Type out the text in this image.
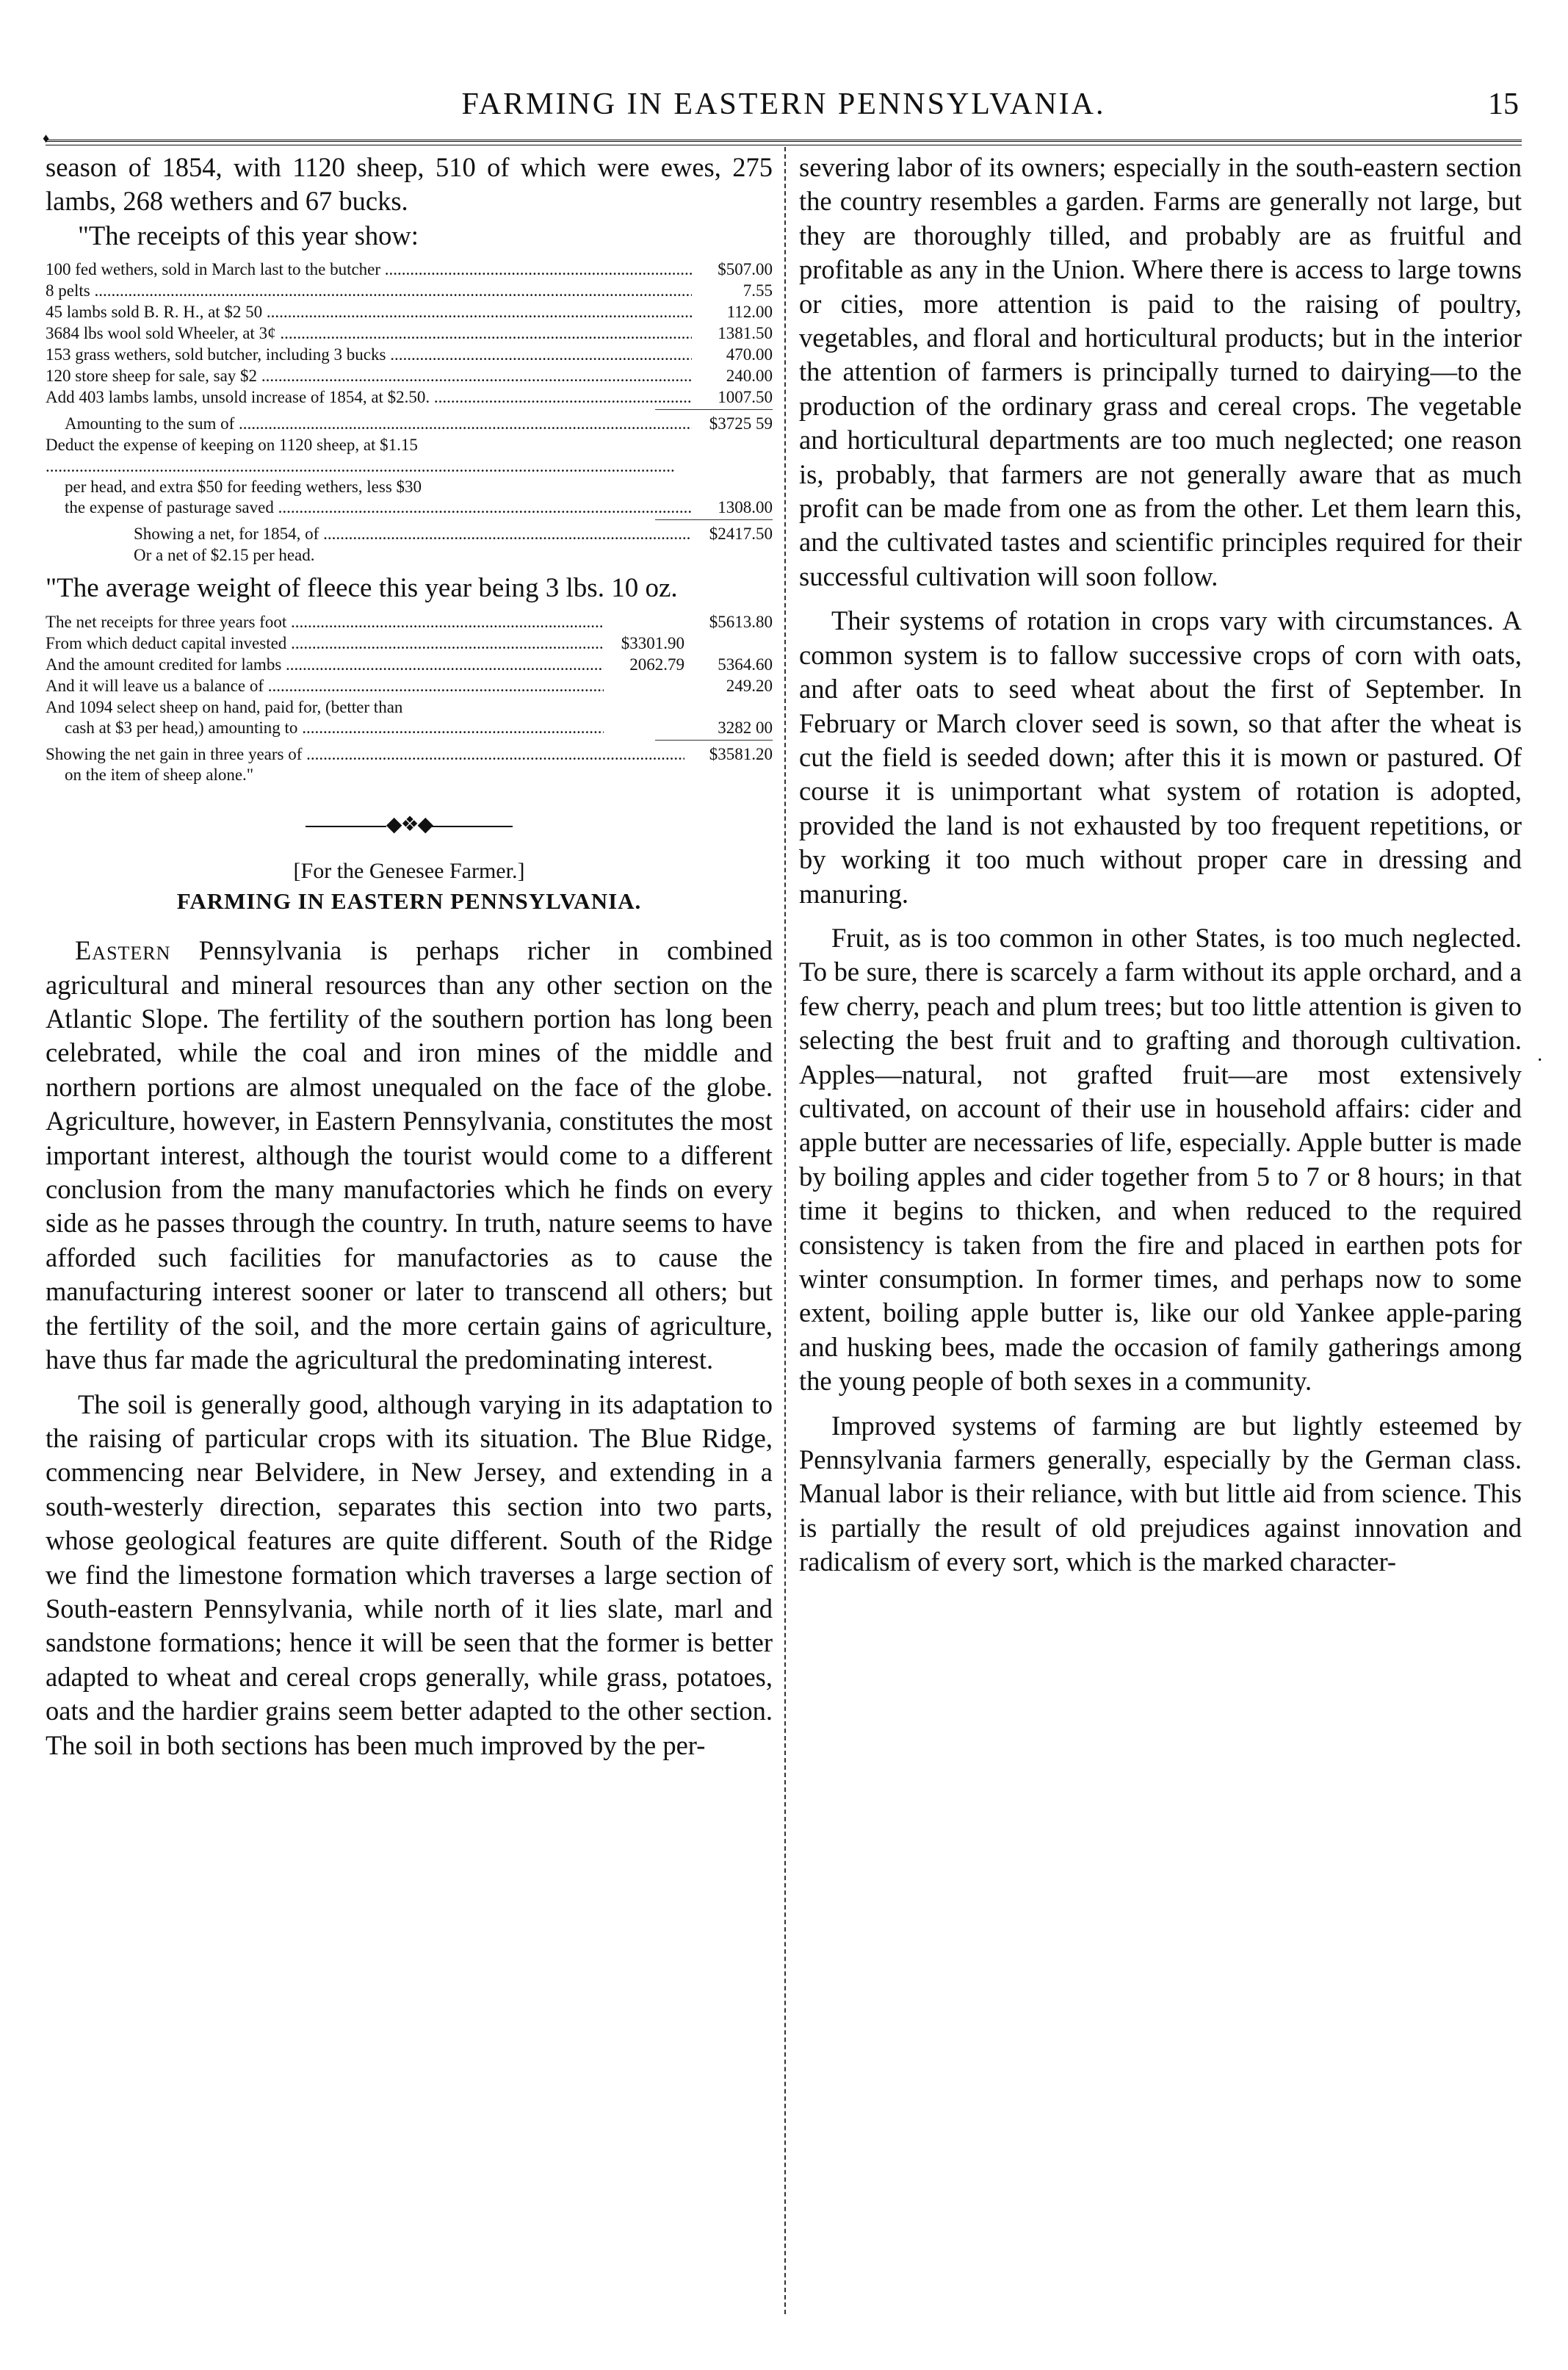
♦
FARMING IN EASTERN PENNSYLVANIA.	15

season of 1854, with 1120 sheep, 510 of which were ewes, 275 lambs, 268 wethers and 67 bucks.

"The receipts of this year show:

100 fed wethers, sold in March last to the butcher .....	$507.00
8 pelts .....	7.55
45 lambs sold B. R. H., at $2 50 .....	112.00
3684 lbs wool sold Wheeler, at 3¢ .....	1381.50
153 grass wethers, sold butcher, including 3 bucks .....	470.00
120 store sheep for sale, say $2 .....	240.00
Add 403 lambs lambs, unsold increase of 1854, at $2.50. .....	1007.50
Amounting to the sum of .....	$3725 59
Deduct the expense of keeping on 1120 sheep, at $1.15 .....
per head, and extra $50 for feeding wethers, less $30
the expense of pasturage saved .....	1308.00
Showing a net, for 1854, of .....	$2417.50
Or a net of $2.15 per head.

"The average weight of fleece this year being 3 lbs. 10 oz.

The net receipts for three years foot .....	$5613.80
From which deduct capital invested .....	$3301.90
And the amount credited for lambs .....	2062.79	5364.60
And it will leave us a balance of .....	249.20
And 1094 select sheep on hand, paid for, (better than
cash at $3 per head,) amounting to .....	3282 00
Showing the net gain in three years of .....	$3581.20
on the item of sheep alone."
◆❖◆

[For the Genesee Farmer.]

FARMING IN EASTERN PENNSYLVANIA.

Eastern Pennsylvania is perhaps richer in combined agricultural and mineral resources than any other section on the Atlantic Slope. The fertility of the southern portion has long been celebrated, while the coal and iron mines of the middle and northern portions are almost unequaled on the face of the globe. Agriculture, however, in Eastern Pennsylvania, constitutes the most important interest, although the tourist would come to a different conclusion from the many manufactories which he finds on every side as he passes through the country. In truth, nature seems to have afforded such facilities for manufactories as to cause the manufacturing interest sooner or later to transcend all others; but the fertility of the soil, and the more certain gains of agriculture, have thus far made the agricultural the predominating interest.

The soil is generally good, although varying in its adaptation to the raising of particular crops with its situation. The Blue Ridge, commencing near Belvidere, in New Jersey, and extending in a south-westerly direction, separates this section into two parts, whose geological features are quite different. South of the Ridge we find the limestone formation which traverses a large section of South-eastern Pennsylvania, while north of it lies slate, marl and sandstone formations; hence it will be seen that the former is better adapted to wheat and cereal crops generally, while grass, potatoes, oats and the hardier grains seem better adapted to the other section. The soil in both sections has been much improved by the per-

severing labor of its owners; especially in the south-eastern section the country resembles a garden. Farms are generally not large, but they are thoroughly tilled, and probably are as fruitful and profitable as any in the Union. Where there is access to large towns or cities, more attention is paid to the raising of poultry, vegetables, and floral and horticultural products; but in the interior the attention of farmers is principally turned to dairying—to the production of the ordinary grass and cereal crops. The vegetable and horticultural departments are too much neglected; one reason is, probably, that farmers are not generally aware that as much profit can be made from one as from the other. Let them learn this, and the cultivated tastes and scientific principles required for their successful cultivation will soon follow.

Their systems of rotation in crops vary with circumstances. A common system is to fallow successive crops of corn with oats, and after oats to seed wheat about the first of September. In February or March clover seed is sown, so that after the wheat is cut the field is seeded down; after this it is mown or pastured. Of course it is unimportant what system of rotation is adopted, provided the land is not exhausted by too frequent repetitions, or by working it too much without proper care in dressing and manuring.

Fruit, as is too common in other States, is too much neglected. To be sure, there is scarcely a farm without its apple orchard, and a few cherry, peach and plum trees; but too little attention is given to selecting the best fruit and to grafting and thorough cultivation. Apples—natural, not grafted fruit—are most extensively cultivated, on account of their use in household affairs: cider and apple butter are necessaries of life, especially. Apple butter is made by boiling apples and cider together from 5 to 7 or 8 hours; in that time it begins to thicken, and when reduced to the required consistency is taken from the fire and placed in earthen pots for winter consumption. In former times, and perhaps now to some extent, boiling apple butter is, like our old Yankee apple-paring and husking bees, made the occasion of family gatherings among the young people of both sexes in a community.

Improved systems of farming are but lightly esteemed by Pennsylvania farmers generally, especially by the German class. Manual labor is their reliance, with but little aid from science. This is partially the result of old prejudices against innovation and radicalism of every sort, which is the marked character-

·
